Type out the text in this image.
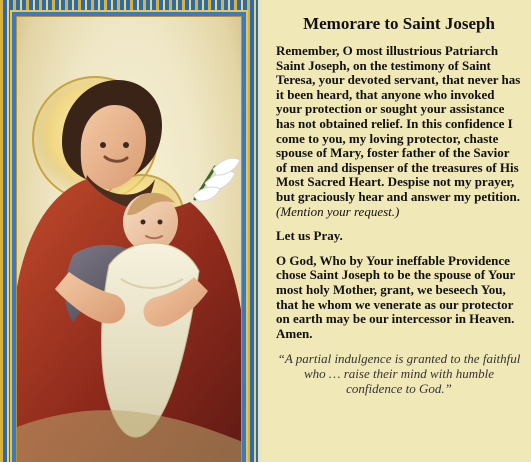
Memorare to Saint Joseph

Remember, O most illustrious Patriarch Saint Joseph, on the testimony of Saint Teresa, your devoted servant, that never has it been heard, that anyone who invoked your protection or sought your assistance has not obtained relief. In this confidence I come to you, my loving protector, chaste spouse of Mary, foster father of the Savior of men and dispenser of the treasures of His Most Sacred Heart. Despise not my prayer, but graciously hear and answer my petition. (Mention your request.)

Let us Pray.

O God, Who by Your ineffable Providence chose Saint Joseph to be the spouse of Your most holy Mother, grant, we beseech You, that he whom we venerate as our protector on earth may be our intercessor in Heaven. Amen.

“A partial indulgence is granted to the faithful who … raise their mind with humble confidence to God.”
